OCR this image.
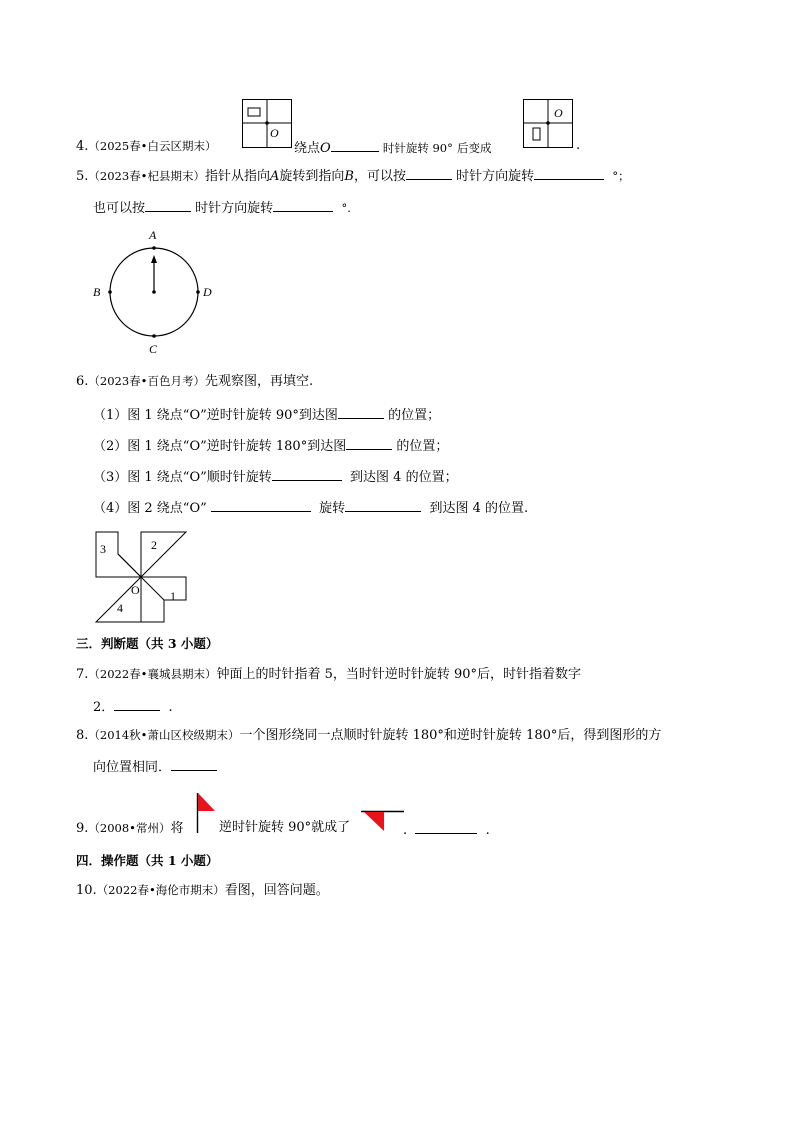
4.（2025春•白云区期末）
O
绕点O	时针旋转 90° 后变成
O
.
5.（2023春•杞县期末）指针从指向A旋转到指向B，可以按	时针方向旋转	°；
也可以按	时针方向旋转	°.
A
B	D
C
6.（2023春•百色月考）先观察图，再填空.
（1）图 1 绕点“O”逆时针旋转 90°到达图	的位置；
（2）图 1 绕点“O”逆时针旋转 180°到达图	的位置；
（3）图 1 绕点“O”顺时针旋转	到达图 4 的位置；
（4）图 2 绕点“O”	旋转	到达图 4 的位置.
3	2
1
4
O
三．判断题（共 3 小题）
7.（2022春•襄城县期末）钟面上的时针指着 5，当时针逆时针旋转 90°后，时针指着数字
2．	.
8.（2014秋•萧山区校级期末）一个图形绕同一点顺时针旋转 180°和逆时针旋转 180°后，得到图形的方
向位置相同．
9.（2008•常州）将	逆时针旋转 90°就成了	.	.
四．操作题（共 1 小题）
10.（2022春•海伦市期末）看图，回答问题。
